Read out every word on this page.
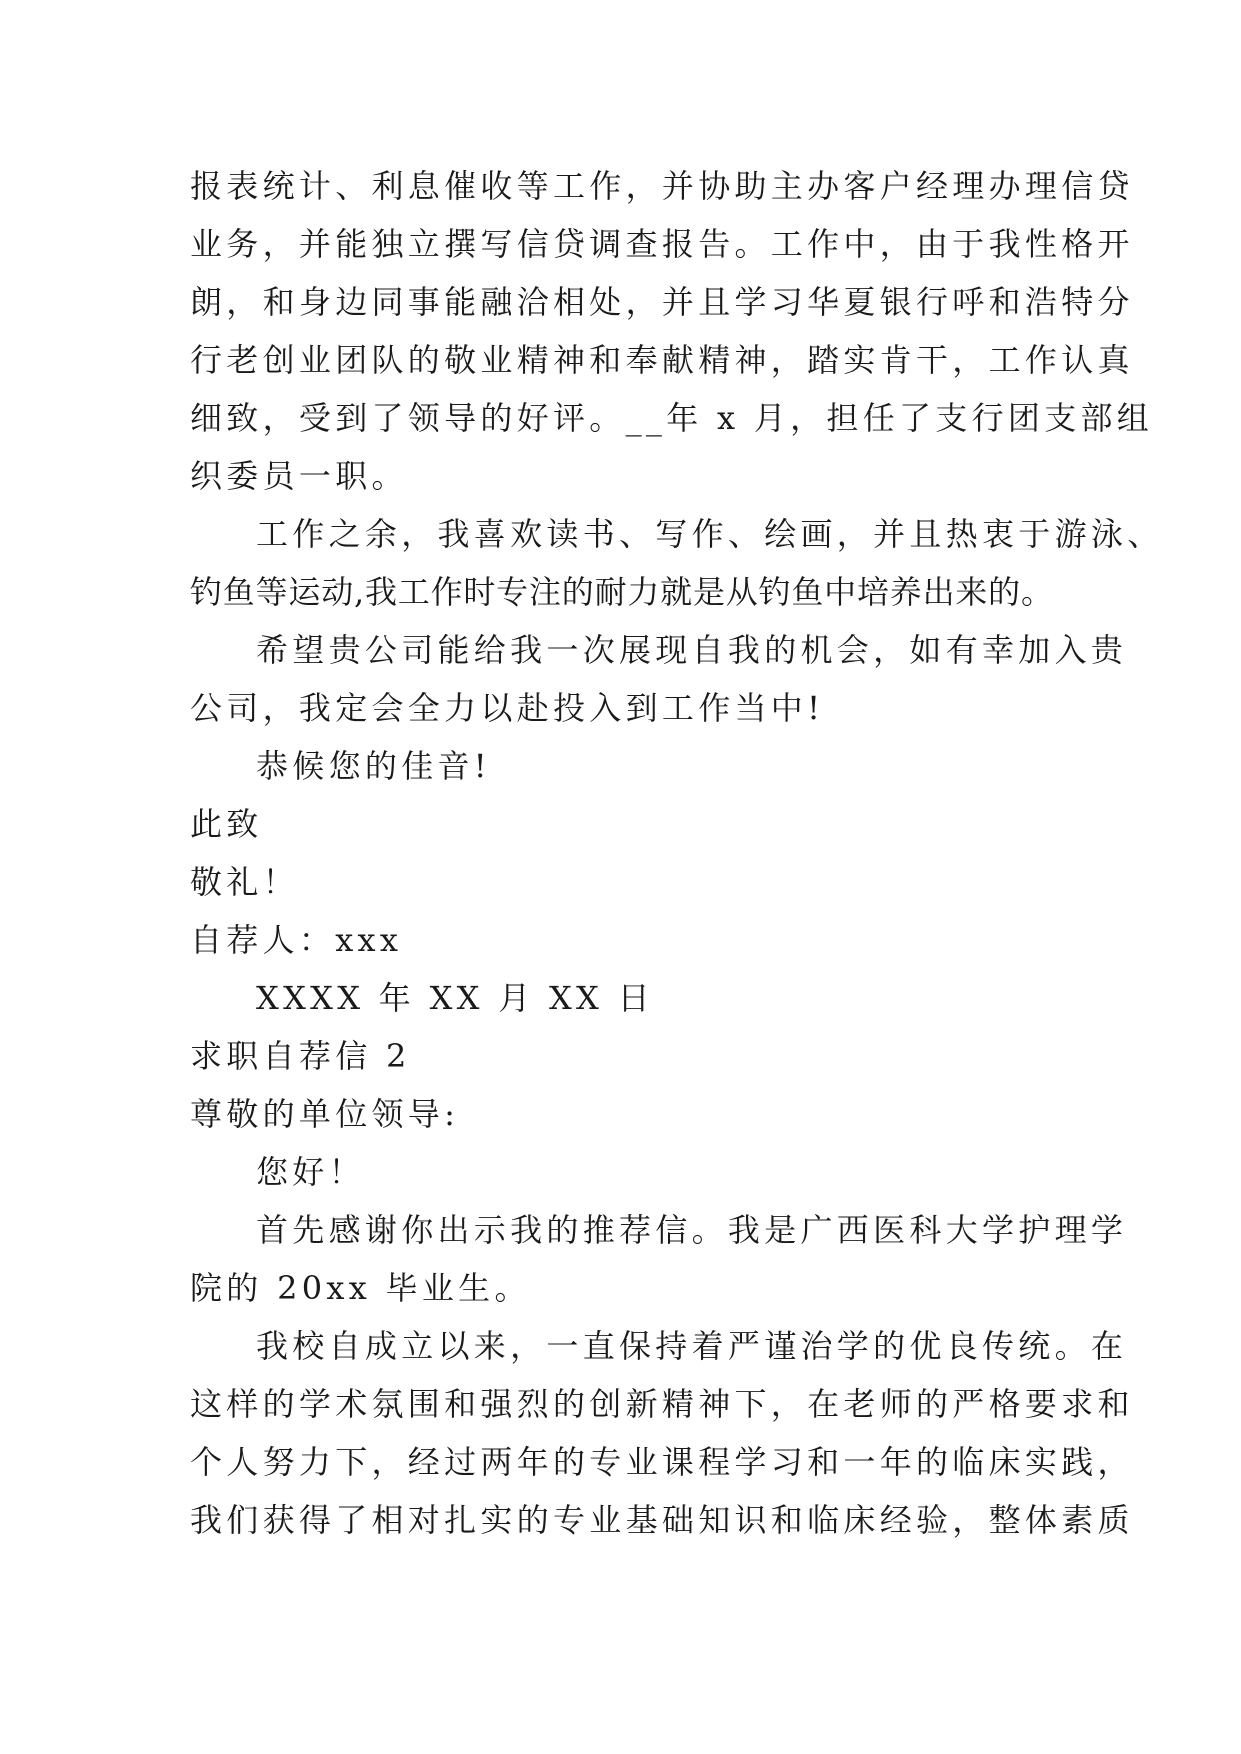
报表统计、利息催收等工作，并协助主办客户经理办理信贷
业务，并能独立撰写信贷调查报告。工作中，由于我性格开
朗，和身边同事能融洽相处，并且学习华夏银行呼和浩特分
行老创业团队的敬业精神和奉献精神，踏实肯干，工作认真
细致，受到了领导的好评。__年 x 月，担任了支行团支部组
织委员一职。
工作之余，我喜欢读书、写作、绘画，并且热衷于游泳、
钓鱼等运动,我工作时专注的耐力就是从钓鱼中培养出来的。
希望贵公司能给我一次展现自我的机会，如有幸加入贵
公司，我定会全力以赴投入到工作当中!
恭候您的佳音!
此致
敬礼！
自荐人：xxx
XXXX 年 XX 月 XX 日
求职自荐信 2
尊敬的单位领导:
您好！
首先感谢你出示我的推荐信。我是广西医科大学护理学
院的 20xx 毕业生。
我校自成立以来，一直保持着严谨治学的优良传统。在
这样的学术氛围和强烈的创新精神下，在老师的严格要求和
个人努力下，经过两年的专业课程学习和一年的临床实践，
我们获得了相对扎实的专业基础知识和临床经验，整体素质
